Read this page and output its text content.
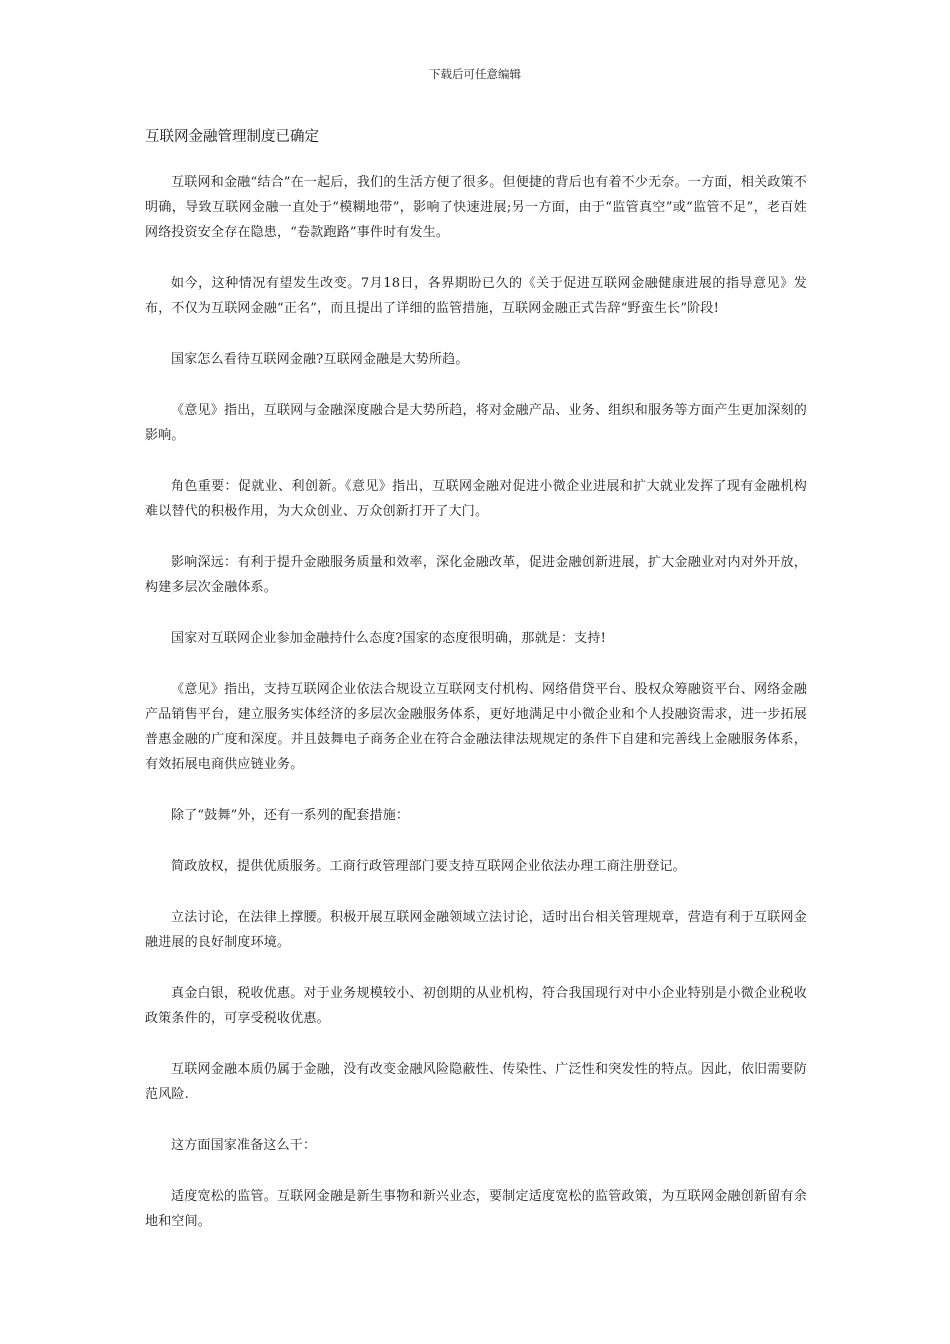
下载后可任意编辑
互联网金融管理制度已确定

互联网和金融“结合”在一起后，我们的生活方便了很多。但便捷的背后也有着不少无奈。一方面，相关政策不明确，导致互联网金融一直处于“模糊地带”，影响了快速进展;另一方面，由于“监管真空”或“监管不足”，老百姓网络投资安全存在隐患，“卷款跑路”事件时有发生。

如今，这种情况有望发生改变。7月18日，各界期盼已久的《关于促进互联网金融健康进展的指导意见》发布，不仅为互联网金融“正名”，而且提出了详细的监管措施，互联网金融正式告辞“野蛮生长”阶段!

国家怎么看待互联网金融?互联网金融是大势所趋。

《意见》指出，互联网与金融深度融合是大势所趋，将对金融产品、业务、组织和服务等方面产生更加深刻的影响。

角色重要：促就业、利创新。《意见》指出，互联网金融对促进小微企业进展和扩大就业发挥了现有金融机构难以替代的积极作用，为大众创业、万众创新打开了大门。

影响深远：有利于提升金融服务质量和效率，深化金融改革，促进金融创新进展，扩大金融业对内对外开放，构建多层次金融体系。

国家对互联网企业参加金融持什么态度?国家的态度很明确，那就是：支持!

《意见》指出，支持互联网企业依法合规设立互联网支付机构、网络借贷平台、股权众筹融资平台、网络金融产品销售平台，建立服务实体经济的多层次金融服务体系，更好地满足中小微企业和个人投融资需求，进一步拓展普惠金融的广度和深度。并且鼓舞电子商务企业在符合金融法律法规规定的条件下自建和完善线上金融服务体系，有效拓展电商供应链业务。

除了“鼓舞”外，还有一系列的配套措施：

简政放权，提供优质服务。工商行政管理部门要支持互联网企业依法办理工商注册登记。

立法讨论，在法律上撑腰。积极开展互联网金融领域立法讨论，适时出台相关管理规章，营造有利于互联网金融进展的良好制度环境。

真金白银，税收优惠。对于业务规模较小、初创期的从业机构，符合我国现行对中小企业特别是小微企业税收政策条件的，可享受税收优惠。

互联网金融本质仍属于金融，没有改变金融风险隐蔽性、传染性、广泛性和突发性的特点。因此，依旧需要防范风险.

这方面国家准备这么干：

适度宽松的监管。互联网金融是新生事物和新兴业态，要制定适度宽松的监管政策，为互联网金融创新留有余地和空间。
